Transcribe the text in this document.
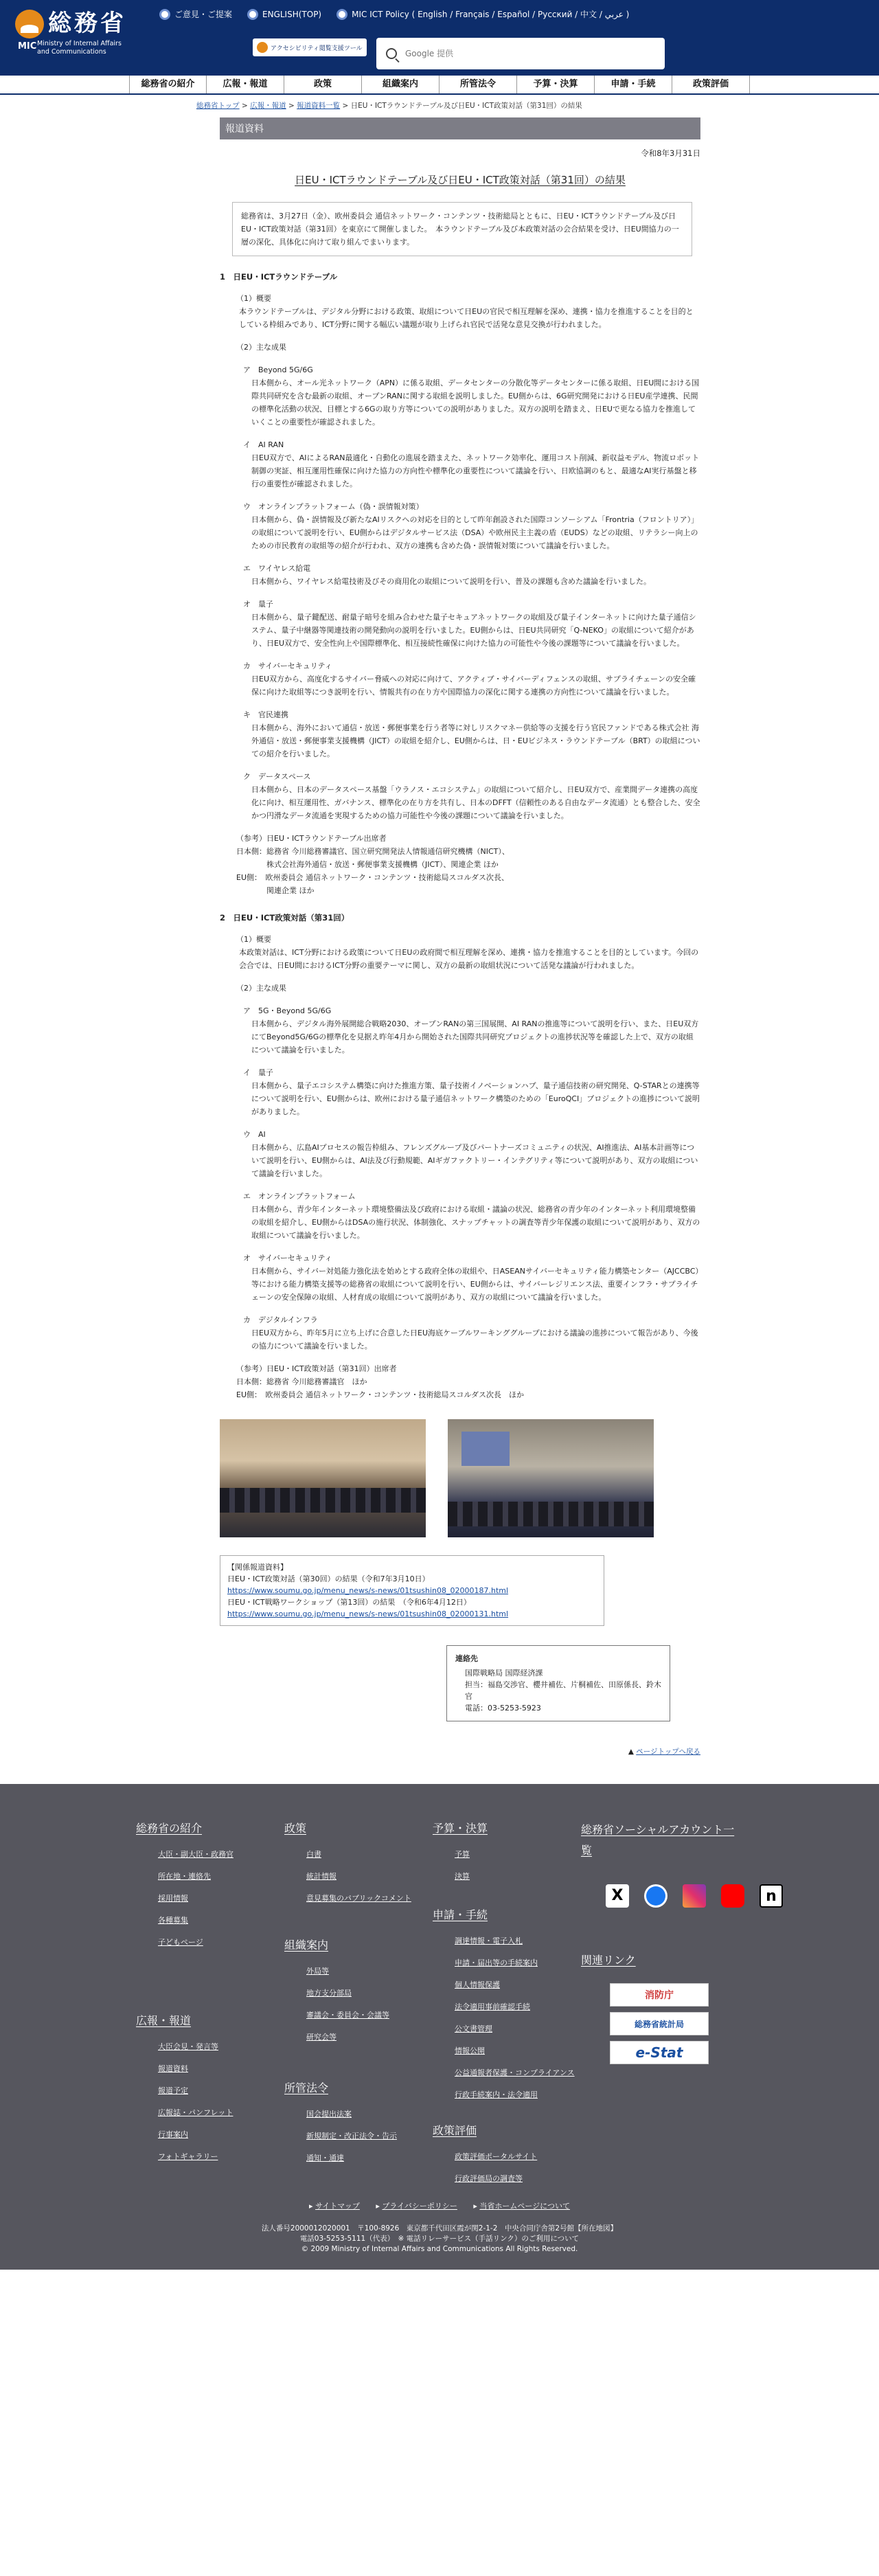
総務省
MIC Ministry of Internal Affairs and Communications
ご意見・ご提案	ENGLISH(TOP)	MIC ICT Policy ( English / Français / Español / Русский / 中文 / عربي )
アクセシビリティ閲覧支援ツール
Google 提供
総務省の紹介	広報・報道	政策	組織案内	所管法令	予算・決算	申請・手続	政策評価
総務省トップ > 広報・報道 > 報道資料一覧 > 日EU・ICTラウンドテーブル及び日EU・ICT政策対話（第31回）の結果
報道資料
令和8年3月31日
日EU・ICTラウンドテーブル及び日EU・ICT政策対話（第31回）の結果
総務省は、3月27日（金）、欧州委員会 通信ネットワーク・コンテンツ・技術総局とともに、日EU・ICTラウンドテーブル及び日EU・ICT政策対話（第31回）を東京にて開催しました。　本ラウンドテーブル及び本政策対話の会合結果を受け、日EU間協力の一層の深化、具体化に向けて取り組んでまいります。
1　日EU・ICTラウンドテーブル
（1）概要
本ラウンドテーブルは、デジタル分野における政策、取組について日EUの官民で相互理解を深め、連携・協力を推進することを目的としている枠組みであり、ICT分野に関する幅広い議題が取り上げられ官民で活発な意見交換が行われました。
（2）主な成果
ア　Beyond 5G/6G
日本側から、オール光ネットワーク（APN）に係る取組、データセンターの分散化等データセンターに係る取組、日EU間における国際共同研究を含む最新の取組、オープンRANに関する取組を説明しました。EU側からは、6G研究開発における日EU産学連携、民間の標準化活動の状況、目標とする6Gの取り方等についての説明がありました。双方の説明を踏まえ、日EUで更なる協力を推進していくことの重要性が確認されました。
イ　AI RAN
日EU双方で、AIによるRAN最適化・自動化の進展を踏まえた、ネットワーク効率化、運用コスト削減、新収益モデル、物流ロボット制御の実証、相互運用性確保に向けた協力の方向性や標準化の重要性について議論を行い、日欧協調のもと、最適なAI実行基盤と移行の重要性が確認されました。
ウ　オンラインプラットフォーム（偽・誤情報対策）
日本側から、偽・誤情報及び新たなAIリスクへの対応を目的として昨年創設された国際コンソーシアム「Frontria（フロントリア）」の取組について説明を行い、EU側からはデジタルサービス法（DSA）や欧州民主主義の盾（EUDS）などの取組、リテラシー向上のための市民教育の取組等の紹介が行われ、双方の連携も含めた偽・誤情報対策について議論を行いました。
エ　ワイヤレス給電
日本側から、ワイヤレス給電技術及びその商用化の取組について説明を行い、普及の課題も含めた議論を行いました。
オ　量子
日本側から、量子鍵配送、耐量子暗号を組み合わせた量子セキュアネットワークの取組及び量子インターネットに向けた量子通信システム、量子中継器等関連技術の開発動向の説明を行いました。EU側からは、日EU共同研究「Q-NEKO」の取組について紹介があり、日EU双方で、安全性向上や国際標準化、相互接続性確保に向けた協力の可能性や今後の課題等について議論を行いました。
カ　サイバーセキュリティ
日EU双方から、高度化するサイバー脅威への対応に向けて、アクティブ・サイバーディフェンスの取組、サプライチェーンの安全確保に向けた取組等につき説明を行い、情報共有の在り方や国際協力の深化に関する連携の方向性について議論を行いました。
キ　官民連携
日本側から、海外において通信・放送・郵便事業を行う者等に対しリスクマネー供給等の支援を行う官民ファンドである株式会社 海外通信・放送・郵便事業支援機構（JICT）の取組を紹介し、EU側からは、日・EUビジネス・ラウンドテーブル（BRT）の取組についての紹介を行いました。
ク　データスペース
日本側から、日本のデータスペース基盤「ウラノス・エコシステム」の取組について紹介し、日EU双方で、産業間データ連携の高度化に向け、相互運用性、ガバナンス、標準化の在り方を共有し、日本のDFFT（信頼性のある自由なデータ流通）とも整合した、安全かつ円滑なデータ流通を実現するための協力可能性や今後の課題について議論を行いました。
（参考）日EU・ICTラウンドテーブル出席者
日本側：総務省 今川総務審議官、国立研究開発法人情報通信研究機構（NICT）、
　　　　株式会社海外通信・放送・郵便事業支援機構（JICT）、関連企業 ほか
EU側：　欧州委員会 通信ネットワーク・コンテンツ・技術総局スコルダス次長、
　　　　関連企業 ほか
2　日EU・ICT政策対話（第31回）
（1）概要
本政策対話は、ICT分野における政策について日EUの政府間で相互理解を深め、連携・協力を推進することを目的としています。今回の会合では、日EU間におけるICT分野の重要テーマに関し、双方の最新の取組状況について活発な議論が行われました。
（2）主な成果
ア　5G・Beyond 5G/6G
日本側から、デジタル海外展開総合戦略2030、オープンRANの第三国展開、AI RANの推進等について説明を行い、また、日EU双方にてBeyond5G/6Gの標準化を見据え昨年4月から開始された国際共同研究プロジェクトの進捗状況等を確認した上で、双方の取組について議論を行いました。
イ　量子
日本側から、量子エコシステム構築に向けた推進方策、量子技術イノベーションハブ、量子通信技術の研究開発、Q-STARとの連携等について説明を行い、EU側からは、欧州における量子通信ネットワーク構築のための「EuroQCI」プロジェクトの進捗について説明がありました。
ウ　AI
日本側から、広島AIプロセスの報告枠組み、フレンズグループ及びパートナーズコミュニティの状況、AI推進法、AI基本計画等について説明を行い、EU側からは、AI法及び行動規範、AIギガファクトリー・インテグリティ等について説明があり、双方の取組について議論を行いました。
エ　オンラインプラットフォーム
日本側から、青少年インターネット環境整備法及び政府における取組・議論の状況、総務省の青少年のインターネット利用環境整備の取組を紹介し、EU側からはDSAの施行状況、体制強化、スナップチャットの調査等青少年保護の取組について説明があり、双方の取組について議論を行いました。
オ　サイバーセキュリティ
日本側から、サイバー対処能力強化法を始めとする政府全体の取組や、日ASEANサイバーセキュリティ能力構築センター（AJCCBC）等における能力構築支援等の総務省の取組について説明を行い、EU側からは、サイバーレジリエンス法、重要インフラ・サプライチェーンの安全保障の取組、人材育成の取組について説明があり、双方の取組について議論を行いました。
カ　デジタルインフラ
日EU双方から、昨年5月に立ち上げに合意した日EU海底ケーブルワーキンググループにおける議論の進捗について報告があり、今後の協力について議論を行いました。
（参考）日EU・ICT政策対話（第31回）出席者
日本側：総務省 今川総務審議官　ほか
EU側：　欧州委員会 通信ネットワーク・コンテンツ・技術総局スコルダス次長　ほか
【関係報道資料】
日EU・ICT政策対話（第30回）の結果（令和7年3月10日）
https://www.soumu.go.jp/menu_news/s-news/01tsushin08_02000187.html
日EU・ICT戦略ワークショップ（第13回）の結果　（令和6年4月12日）
https://www.soumu.go.jp/menu_news/s-news/01tsushin08_02000131.html
連絡先
国際戦略局 国際経済課
担当：福島交渉官、櫻井補佐、片桐補佐、田原係長、鈴木官
電話：03-5253-5923
▲ ページトップへ戻る
総務省の紹介
大臣・副大臣・政務官
所在地・連絡先
採用情報
各種募集
子どもページ
広報・報道
大臣会見・発言等
報道資料
報道予定
広報誌・パンフレット
行事案内
フォトギャラリー
政策
白書
統計情報
意見募集のパブリックコメント
組織案内
外局等
地方支分部局
審議会・委員会・会議等
研究会等
所管法令
国会提出法案
新規制定・改正法令・告示
通知・通達
予算・決算
予算
決算
申請・手続
調達情報・電子入札
申請・届出等の手続案内
個人情報保護
法令適用事前確認手続
公文書管理
情報公開
公益通報者保護・コンプライアンス
行政手続案内・法令適用
政策評価
政策評価ポータルサイト
行政評価局の調査等
総務省ソーシャルアカウント一覧
X	n
関連リンク
消防庁
総務省統計局
e-Stat
▸ サイトマップ ▸ プライバシーポリシー ▸ 当省ホームページについて
法人番号2000012020001　〒100-8926　東京都千代田区霞が関2-1-2　中央合同庁舎第2号館【所在地図】
電話03-5253-5111（代表）　※ 電話リレーサービス（手話リンク）のご利用について
© 2009 Ministry of Internal Affairs and Communications All Rights Reserved.
